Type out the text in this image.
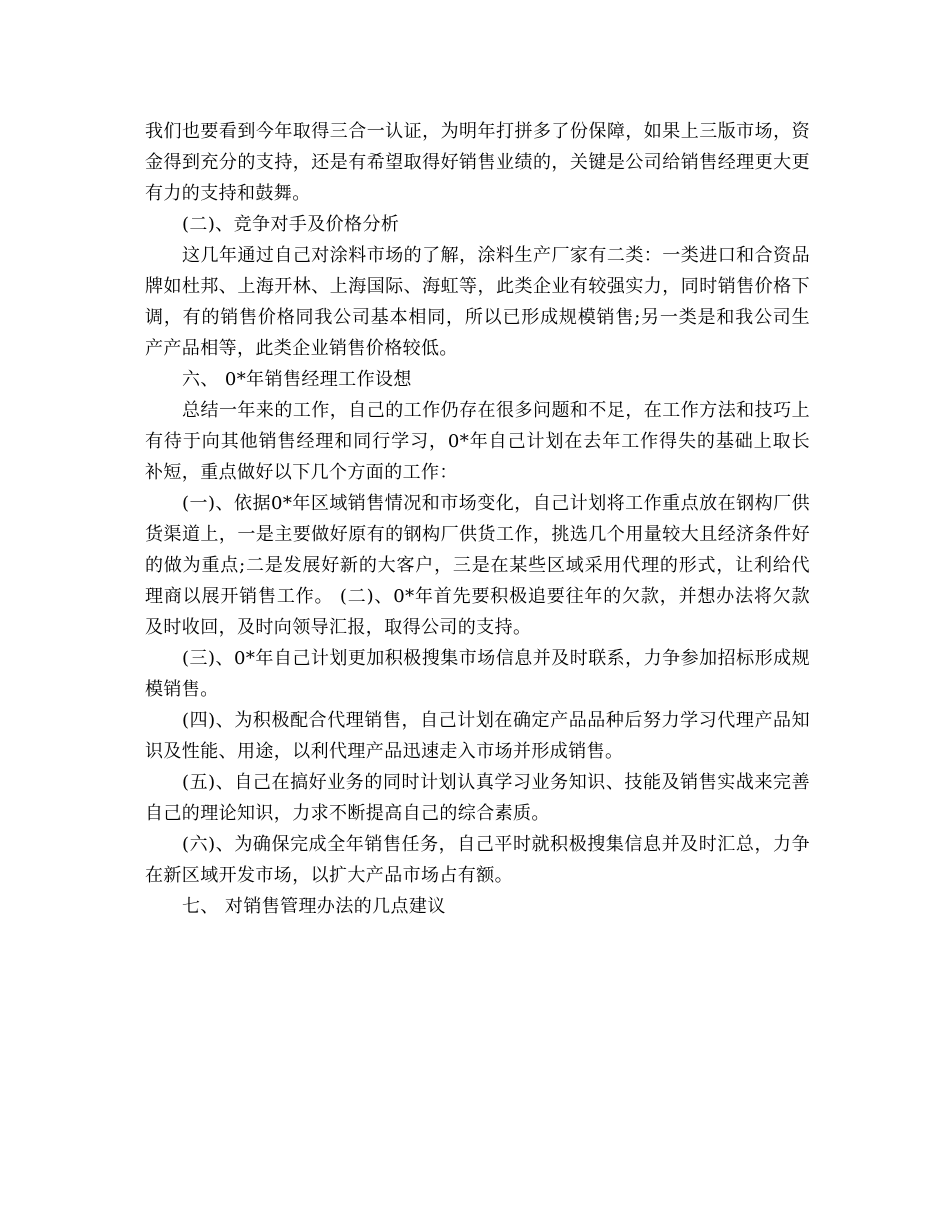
我们也要看到今年取得三合一认证，为明年打拼多了份保障，如果上三版市场，资金得到充分的支持，还是有希望取得好销售业绩的，关键是公司给销售经理更大更有力的支持和鼓舞。

(二)、竞争对手及价格分析

这几年通过自己对涂料市场的了解，涂料生产厂家有二类：一类进口和合资品牌如杜邦、上海开林、上海国际、海虹等，此类企业有较强实力，同时销售价格下调，有的销售价格同我公司基本相同，所以已形成规模销售;另一类是和我公司生产产品相等，此类企业销售价格较低。

六、 0*年销售经理工作设想

总结一年来的工作，自己的工作仍存在很多问题和不足，在工作方法和技巧上有待于向其他销售经理和同行学习，0*年自己计划在去年工作得失的基础上取长补短，重点做好以下几个方面的工作：

(一)、依据0*年区域销售情况和市场变化，自己计划将工作重点放在钢构厂供货渠道上，一是主要做好原有的钢构厂供货工作，挑选几个用量较大且经济条件好的做为重点;二是发展好新的大客户，三是在某些区域采用代理的形式，让利给代理商以展开销售工作。 (二)、0*年首先要积极追要往年的欠款，并想办法将欠款及时收回，及时向领导汇报，取得公司的支持。

(三)、0*年自己计划更加积极搜集市场信息并及时联系，力争参加招标形成规模销售。

(四)、为积极配合代理销售，自己计划在确定产品品种后努力学习代理产品知识及性能、用途，以利代理产品迅速走入市场并形成销售。

(五)、自己在搞好业务的同时计划认真学习业务知识、技能及销售实战来完善自己的理论知识，力求不断提高自己的综合素质。

(六)、为确保完成全年销售任务，自己平时就积极搜集信息并及时汇总，力争在新区域开发市场，以扩大产品市场占有额。

七、 对销售管理办法的几点建议
